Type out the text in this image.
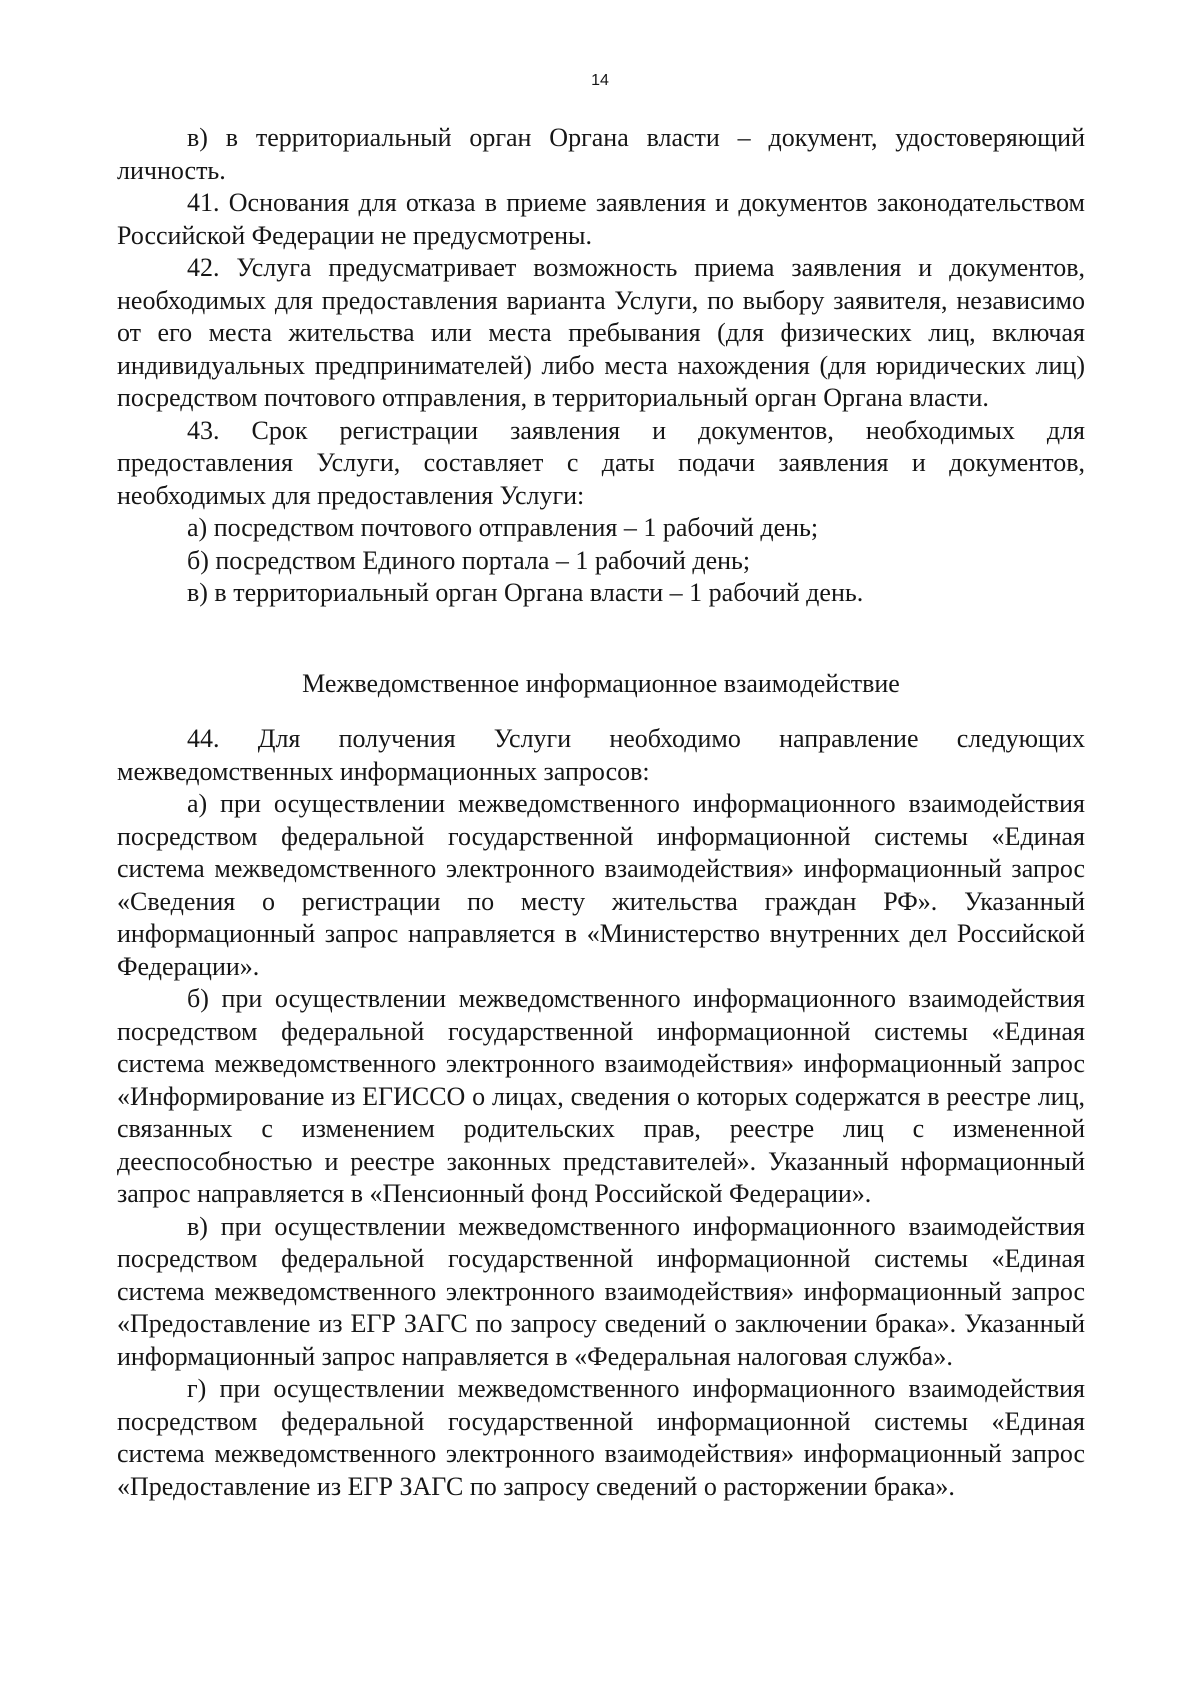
14

в) в территориальный орган Органа власти – документ, удостоверяющий личность.

41. Основания для отказа в приеме заявления и документов законодательством Российской Федерации не предусмотрены.

42. Услуга предусматривает возможность приема заявления и документов, необходимых для предоставления варианта Услуги, по выбору заявителя, независимо от его места жительства или места пребывания (для физических лиц, включая индивидуальных предпринимателей) либо места нахождения (для юридических лиц) посредством почтового отправления, в территориальный орган Органа власти.

43. Срок регистрации заявления и документов, необходимых для предоставления Услуги, составляет с даты подачи заявления и документов, необходимых для предоставления Услуги:

а) посредством почтового отправления – 1 рабочий день;

б) посредством Единого портала – 1 рабочий день;

в) в территориальный орган Органа власти – 1 рабочий день.

Межведомственное информационное взаимодействие

44. Для получения Услуги необходимо направление следующих межведомственных информационных запросов:

а) при осуществлении межведомственного информационного взаимодействия посредством федеральной государственной информационной системы «Единая система межведомственного электронного взаимодействия» информационный запрос «Сведения о регистрации по месту жительства граждан РФ». Указанный информационный запрос направляется в «Министерство внутренних дел Российской Федерации».

б) при осуществлении межведомственного информационного взаимодействия посредством федеральной государственной информационной системы «Единая система межведомственного электронного взаимодействия» информационный запрос «Информирование из ЕГИССО о лицах, сведения о которых содержатся в реестре лиц, связанных с изменением родительских прав, реестре лиц с измененной дееспособностью и реестре законных представителей». Указанный нформационный запрос направляется в «Пенсионный фонд Российской Федерации».

в) при осуществлении межведомственного информационного взаимодействия посредством федеральной государственной информационной системы «Единая система межведомственного электронного взаимодействия» информационный запрос «Предоставление из ЕГР ЗАГС по запросу сведений о заключении брака». Указанный информационный запрос направляется в «Федеральная налоговая служба».

г) при осуществлении межведомственного информационного взаимодействия посредством федеральной государственной информационной системы «Единая система межведомственного электронного взаимодействия» информационный запрос «Предоставление из ЕГР ЗАГС по запросу сведений о расторжении брака».
